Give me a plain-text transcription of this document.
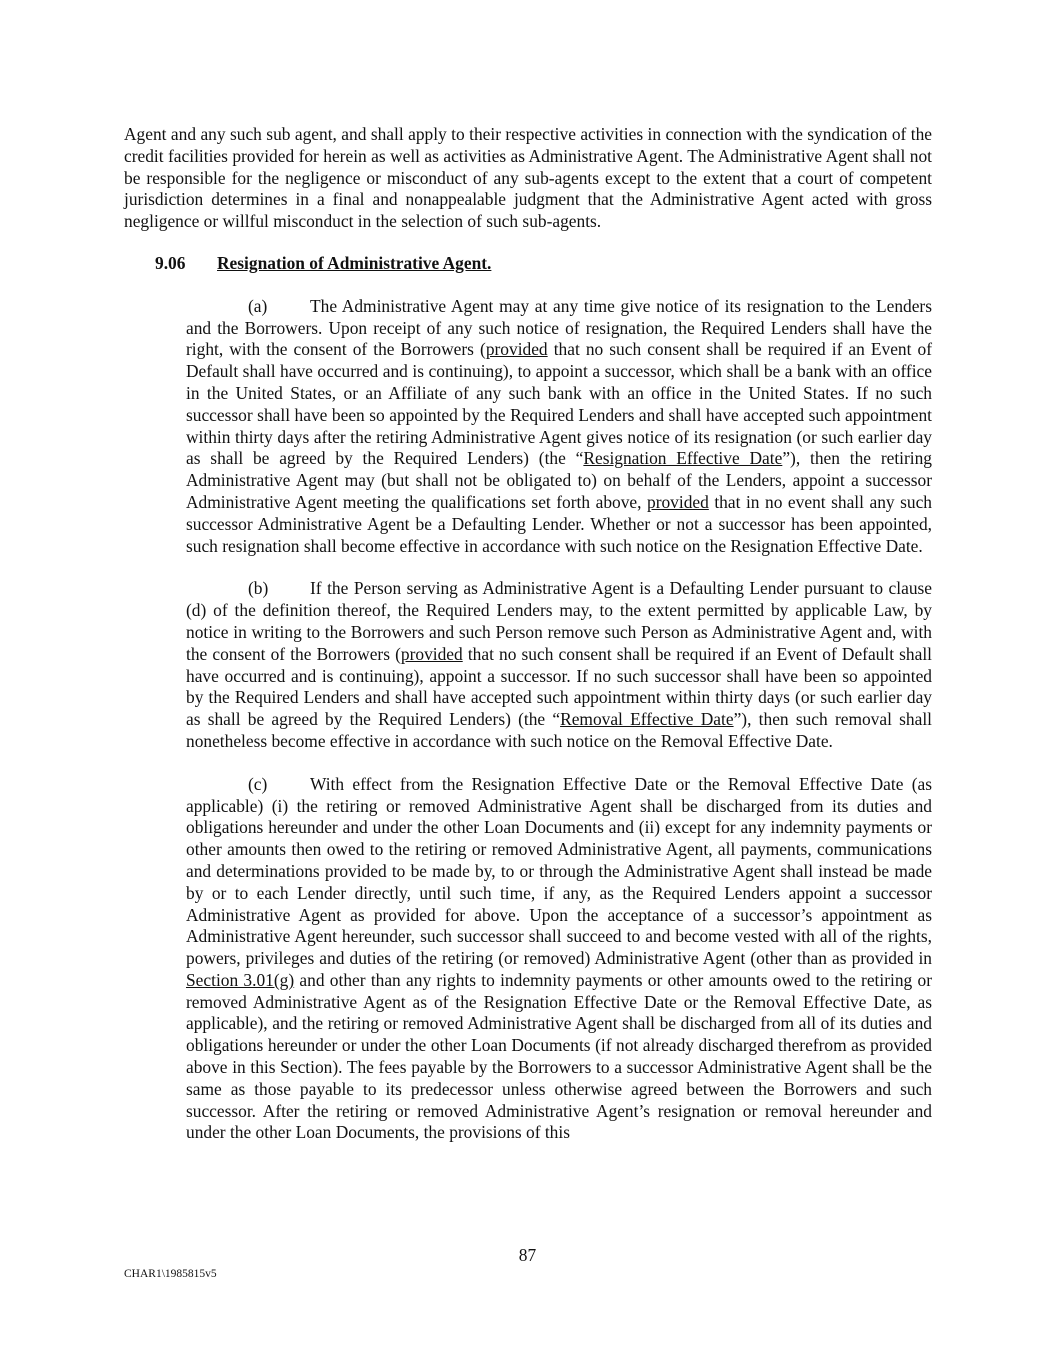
Agent and any such sub agent, and shall apply to their respective activities in connection with the syndication of the credit facilities provided for herein as well as activities as Administrative Agent. The Administrative Agent shall not be responsible for the negligence or misconduct of any sub-agents except to the extent that a court of competent jurisdiction determines in a final and nonappealable judgment that the Administrative Agent acted with gross negligence or willful misconduct in the selection of such sub-agents.

9.06 Resignation of Administrative Agent.

(a) The Administrative Agent may at any time give notice of its resignation to the Lenders and the Borrowers. Upon receipt of any such notice of resignation, the Required Lenders shall have the right, with the consent of the Borrowers (provided that no such consent shall be required if an Event of Default shall have occurred and is continuing), to appoint a successor, which shall be a bank with an office in the United States, or an Affiliate of any such bank with an office in the United States. If no such successor shall have been so appointed by the Required Lenders and shall have accepted such appointment within thirty days after the retiring Administrative Agent gives notice of its resignation (or such earlier day as shall be agreed by the Required Lenders) (the “Resignation Effective Date”), then the retiring Administrative Agent may (but shall not be obligated to) on behalf of the Lenders, appoint a successor Administrative Agent meeting the qualifications set forth above, provided that in no event shall any such successor Administrative Agent be a Defaulting Lender. Whether or not a successor has been appointed, such resignation shall become effective in accordance with such notice on the Resignation Effective Date.

(b) If the Person serving as Administrative Agent is a Defaulting Lender pursuant to clause (d) of the definition thereof, the Required Lenders may, to the extent permitted by applicable Law, by notice in writing to the Borrowers and such Person remove such Person as Administrative Agent and, with the consent of the Borrowers (provided that no such consent shall be required if an Event of Default shall have occurred and is continuing), appoint a successor. If no such successor shall have been so appointed by the Required Lenders and shall have accepted such appointment within thirty days (or such earlier day as shall be agreed by the Required Lenders) (the “Removal Effective Date”), then such removal shall nonetheless become effective in accordance with such notice on the Removal Effective Date.

(c) With effect from the Resignation Effective Date or the Removal Effective Date (as applicable) (i) the retiring or removed Administrative Agent shall be discharged from its duties and obligations hereunder and under the other Loan Documents and (ii) except for any indemnity payments or other amounts then owed to the retiring or removed Administrative Agent, all payments, communications and determinations provided to be made by, to or through the Administrative Agent shall instead be made by or to each Lender directly, until such time, if any, as the Required Lenders appoint a successor Administrative Agent as provided for above. Upon the acceptance of a successor’s appointment as Administrative Agent hereunder, such successor shall succeed to and become vested with all of the rights, powers, privileges and duties of the retiring (or removed) Administrative Agent (other than as provided in Section 3.01(g) and other than any rights to indemnity payments or other amounts owed to the retiring or removed Administrative Agent as of the Resignation Effective Date or the Removal Effective Date, as applicable), and the retiring or removed Administrative Agent shall be discharged from all of its duties and obligations hereunder or under the other Loan Documents (if not already discharged therefrom as provided above in this Section). The fees payable by the Borrowers to a successor Administrative Agent shall be the same as those payable to its predecessor unless otherwise agreed between the Borrowers and such successor. After the retiring or removed Administrative Agent’s resignation or removal hereunder and under the other Loan Documents, the provisions of this

87
CHAR1\1985815v5
